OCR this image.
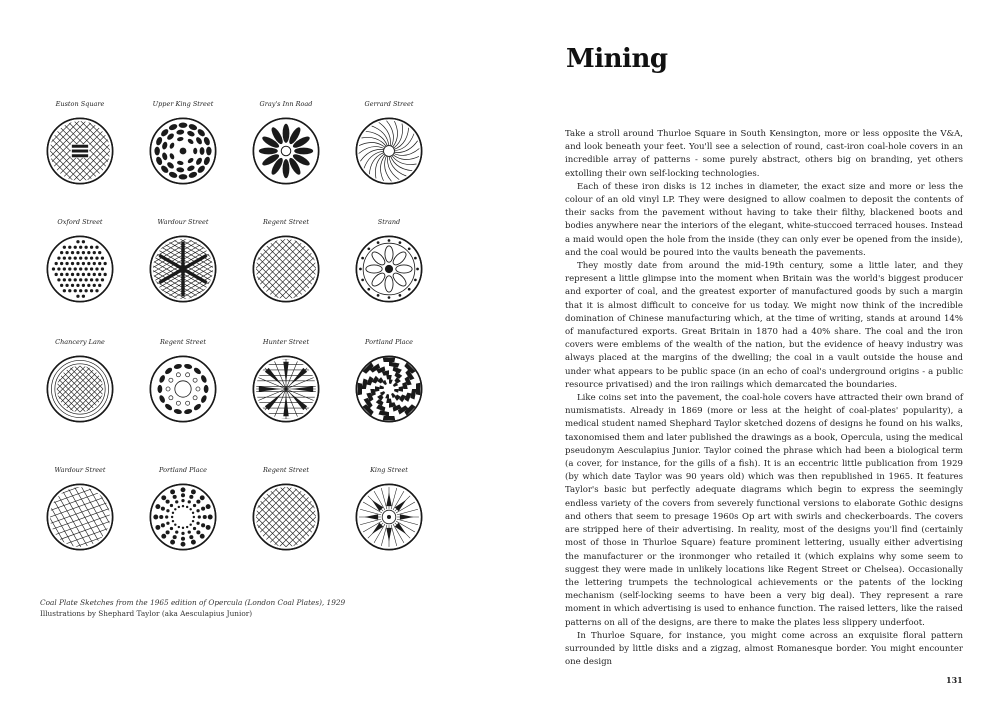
Euston Square	Upper King Street	Gray's Inn Road	Gerrard Street
Oxford Street	Wardour Street	Regent Street	Strand
Chancery Lane	Regent Street	Hunter Street	Portland Place
Wardour Street	Portland Place	Regent Street	King Street
Coal Plate Sketches from the 1965 edition of Opercula (London Coal Plates), 1929
Illustrations by Shephard Taylor (aka Aesculapius Junior)
Mining

Take a stroll around Thurloe Square in South Kensington, more or less opposite the V&A, and look beneath your feet. You'll see a selection of round, cast-iron coal-hole covers in an incredible array of patterns - some purely abstract, others big on branding, yet others extolling their own self-locking technologies.

Each of these iron disks is 12 inches in diameter, the exact size and more or less the colour of an old vinyl LP. They were designed to allow coalmen to deposit the contents of their sacks from the pavement without having to take their filthy, blackened boots and bodies anywhere near the interiors of the elegant, white-stuccoed terraced houses. Instead a maid would open the hole from the inside (they can only ever be opened from the inside), and the coal would be poured into the vaults beneath the pavements.

They mostly date from around the mid-19th century, some a little later, and they represent a little glimpse into the moment when Britain was the world's biggest producer and exporter of coal, and the greatest exporter of manufactured goods by such a margin that it is almost difficult to conceive for us today. We might now think of the incredible domination of Chinese manufacturing which, at the time of writing, stands at around 14% of manufactured exports. Great Britain in 1870 had a 40% share. The coal and the iron covers were emblems of the wealth of the nation, but the evidence of heavy industry was always placed at the margins of the dwelling; the coal in a vault outside the house and under what appears to be public space (in an echo of coal's underground origins - a public resource privatised) and the iron railings which demarcated the boundaries.

Like coins set into the pavement, the coal-hole covers have attracted their own brand of numismatists. Already in 1869 (more or less at the height of coal-plates' popularity), a medical student named Shephard Taylor sketched dozens of designs he found on his walks, taxonomised them and later published the drawings as a book, Opercula, using the medical pseudonym Aesculapius Junior. Taylor coined the phrase which had been a biological term (a cover, for instance, for the gills of a fish). It is an eccentric little publication from 1929 (by which date Taylor was 90 years old) which was then republished in 1965. It features Taylor's basic but perfectly adequate diagrams which begin to express the seemingly endless variety of the covers from severely functional versions to elaborate Gothic designs and others that seem to presage 1960s Op art with swirls and checkerboards. The covers are stripped here of their advertising. In reality, most of the designs you'll find (certainly most of those in Thurloe Square) feature prominent lettering, usually either advertising the manufacturer or the ironmonger who retailed it (which explains why some seem to suggest they were made in unlikely locations like Regent Street or Chelsea). Occasionally the lettering trumpets the technological achievements or the patents of the locking mechanism (self-locking seems to have been a very big deal). They represent a rare moment in which advertising is used to enhance function. The raised letters, like the raised patterns on all of the designs, are there to make the plates less slippery underfoot.

In Thurloe Square, for instance, you might come across an exquisite floral pattern surrounded by little disks and a zigzag, almost Romanesque border. You might encounter one design

131
